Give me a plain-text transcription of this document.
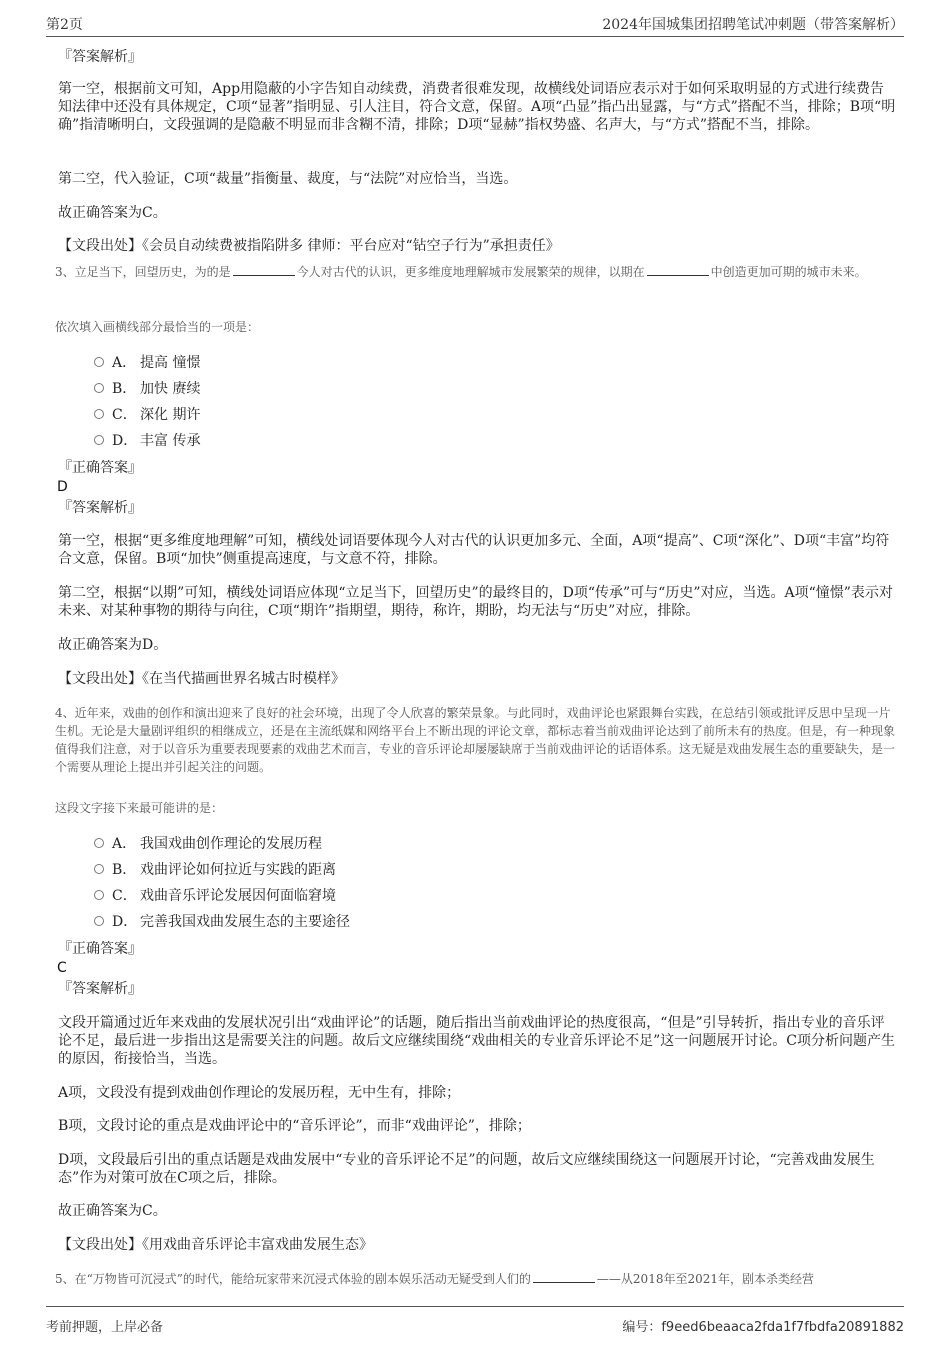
第2页	2024年国城集团招聘笔试冲刺题（带答案解析）

『答案解析』

第一空，根据前文可知，App用隐蔽的小字告知自动续费，消费者很难发现，故横线处词语应表示对于如何采取明显的方式进行续费告知法律中还没有具体规定，C项“显著”指明显、引人注目，符合文意，保留。A项“凸显”指凸出显露，与“方式”搭配不当，排除；B项“明确”指清晰明白，文段强调的是隐蔽不明显而非含糊不清，排除；D项“显赫”指权势盛、名声大，与“方式”搭配不当，排除。

第二空，代入验证，C项“裁量”指衡量、裁度，与“法院”对应恰当，当选。

故正确答案为C。

【文段出处】《会员自动续费被指陷阱多 律师：平台应对“钻空子行为”承担责任》

3、立足当下，回望历史，为的是	今人对古代的认识，更多维度地理解城市发展繁荣的规律，以期在	中创造更加可期的城市未来。

依次填入画横线部分最恰当的一项是：

A． 提高 憧憬
B． 加快 赓续
C． 深化 期许
D． 丰富 传承

『正确答案』

D

『答案解析』

第一空，根据“更多维度地理解”可知，横线处词语要体现今人对古代的认识更加多元、全面，A项“提高”、C项“深化”、D项“丰富”均符合文意，保留。B项“加快”侧重提高速度，与文意不符，排除。

第二空，根据“以期”可知，横线处词语应体现“立足当下，回望历史”的最终目的，D项“传承”可与“历史”对应，当选。A项“憧憬”表示对未来、对某种事物的期待与向往，C项“期许”指期望，期待，称许，期盼，均无法与“历史”对应，排除。

故正确答案为D。

【文段出处】《在当代描画世界名城古时模样》

4、近年来，戏曲的创作和演出迎来了良好的社会环境，出现了令人欣喜的繁荣景象。与此同时，戏曲评论也紧跟舞台实践，在总结引领或批评反思中呈现一片生机。无论是大量剧评组织的相继成立，还是在主流纸媒和网络平台上不断出现的评论文章，都标志着当前戏曲评论达到了前所未有的热度。但是，有一种现象值得我们注意，对于以音乐为重要表现要素的戏曲艺术而言，专业的音乐评论却屡屡缺席于当前戏曲评论的话语体系。这无疑是戏曲发展生态的重要缺失，是一个需要从理论上提出并引起关注的问题。

这段文字接下来最可能讲的是：

A． 我国戏曲创作理论的发展历程
B． 戏曲评论如何拉近与实践的距离
C． 戏曲音乐评论发展因何面临窘境
D． 完善我国戏曲发展生态的主要途径

『正确答案』

C

『答案解析』

文段开篇通过近年来戏曲的发展状况引出“戏曲评论”的话题，随后指出当前戏曲评论的热度很高，“但是”引导转折，指出专业的音乐评论不足，最后进一步指出这是需要关注的问题。故后文应继续围绕“戏曲相关的专业音乐评论不足”这一问题展开讨论。C项分析问题产生的原因，衔接恰当，当选。

A项，文段没有提到戏曲创作理论的发展历程，无中生有，排除；

B项，文段讨论的重点是戏曲评论中的“音乐评论”，而非“戏曲评论”，排除；

D项，文段最后引出的重点话题是戏曲发展中“专业的音乐评论不足”的问题，故后文应继续围绕这一问题展开讨论，“完善戏曲发展生态”作为对策可放在C项之后，排除。

故正确答案为C。

【文段出处】《用戏曲音乐评论丰富戏曲发展生态》

5、在“万物皆可沉浸式”的时代，能给玩家带来沉浸式体验的剧本娱乐活动无疑受到人们的	——从2018年至2021年，剧本杀类经营

考前押题，上岸必备	编号：f9eed6beaaca2fda1f7fbdfa20891882
